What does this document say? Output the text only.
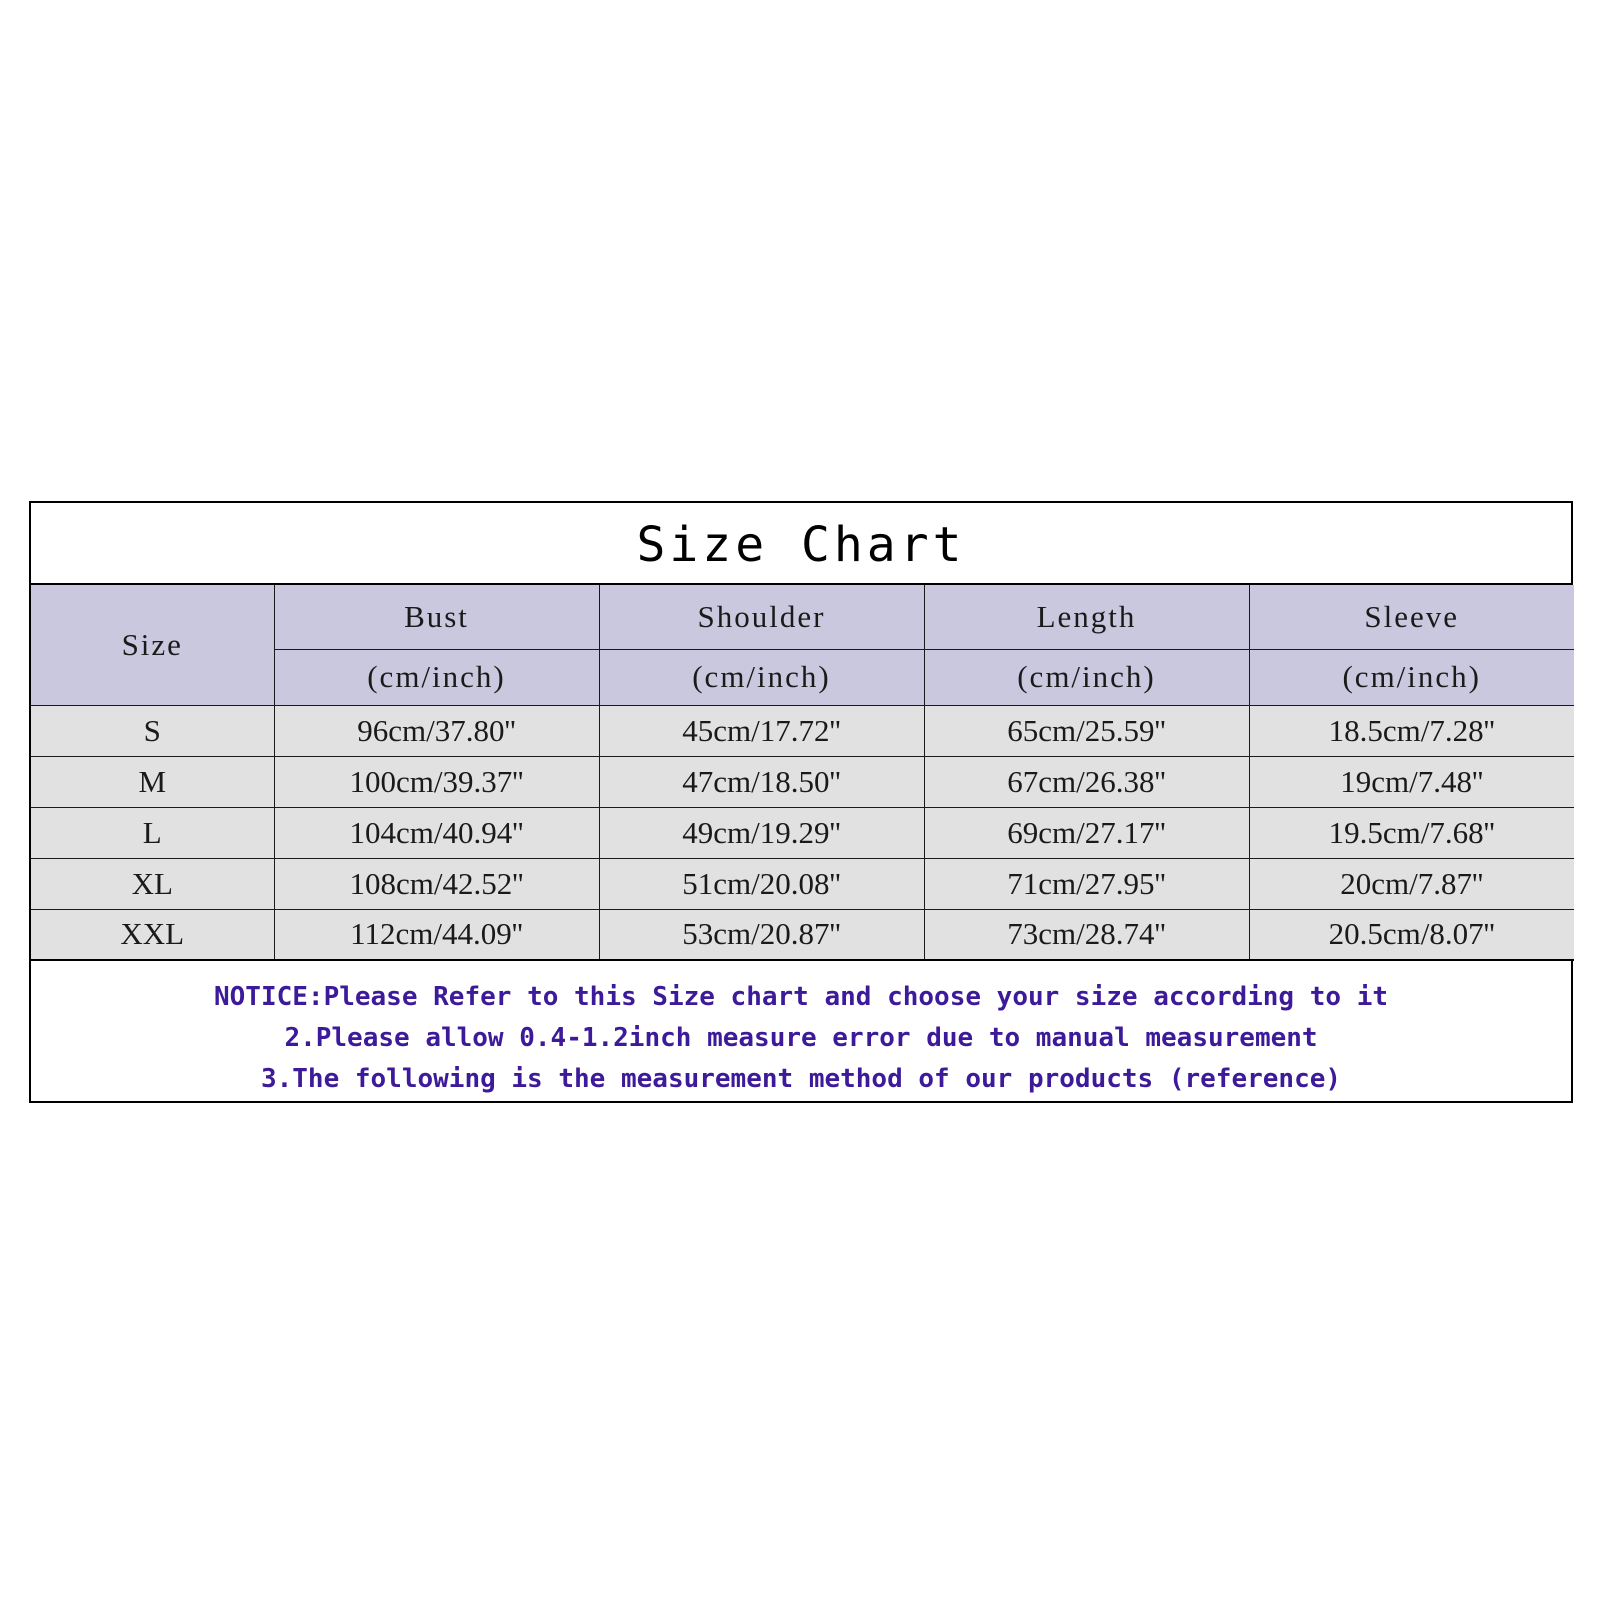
Size Chart
Size	Bust	Shoulder	Length	Sleeve
	(cm/inch)	(cm/inch)	(cm/inch)	(cm/inch)
S	96cm/37.80''	45cm/17.72''	65cm/25.59''	18.5cm/7.28''
M	100cm/39.37''	47cm/18.50''	67cm/26.38''	19cm/7.48''
L	104cm/40.94''	49cm/19.29''	69cm/27.17''	19.5cm/7.68''
XL	108cm/42.52''	51cm/20.08''	71cm/27.95''	20cm/7.87''
XXL	112cm/44.09''	53cm/20.87''	73cm/28.74''	20.5cm/8.07''
NOTICE:Please Refer to this Size chart and choose your size according to it
2.Please allow 0.4-1.2inch measure error due to manual measurement
3.The following is the measurement method of our products (reference)
